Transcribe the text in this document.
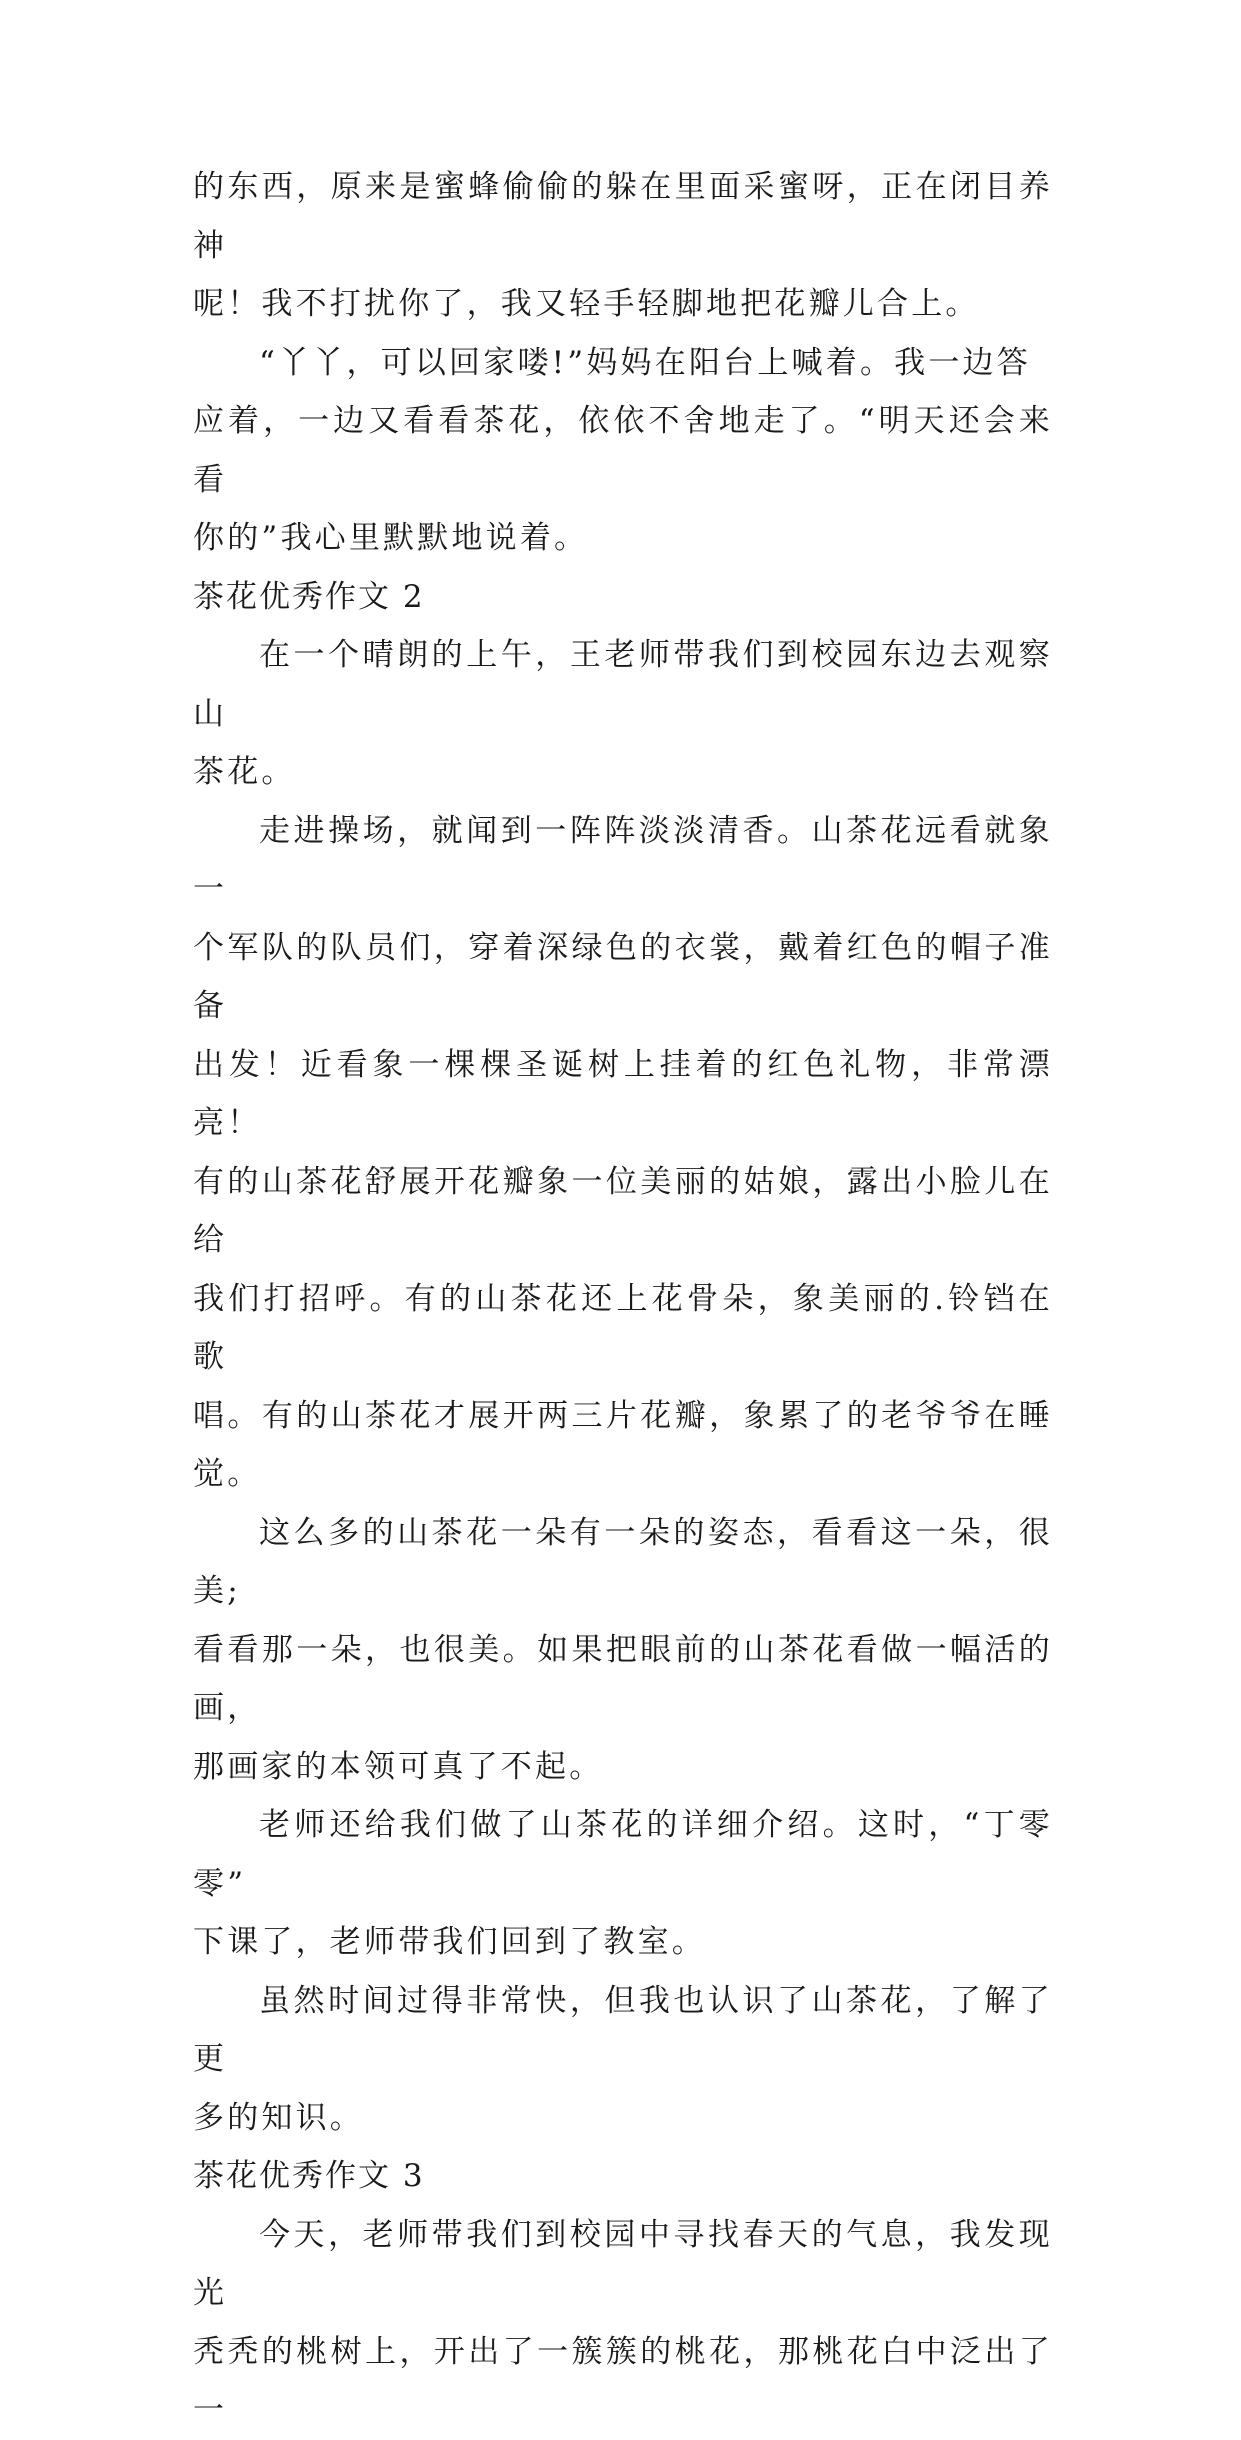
的东西，原来是蜜蜂偷偷的躲在里面采蜜呀，正在闭目养神
呢！我不打扰你了，我又轻手轻脚地把花瓣儿合上。

“丫丫，可以回家喽!”妈妈在阳台上喊着。我一边答
应着，一边又看看茶花，依依不舍地走了。“明天还会来看
你的”我心里默默地说着。

茶花优秀作文 2

在一个晴朗的上午，王老师带我们到校园东边去观察山
茶花。

走进操场，就闻到一阵阵淡淡清香。山茶花远看就象一
个军队的队员们，穿着深绿色的衣裳，戴着红色的帽子准备
出发！近看象一棵棵圣诞树上挂着的红色礼物，非常漂亮！
有的山茶花舒展开花瓣象一位美丽的姑娘，露出小脸儿在给
我们打招呼。有的山茶花还上花骨朵，象美丽的.铃铛在歌
唱。有的山茶花才展开两三片花瓣，象累了的老爷爷在睡觉。

这么多的山茶花一朵有一朵的姿态，看看这一朵，很美;
看看那一朵，也很美。如果把眼前的山茶花看做一幅活的画，
那画家的本领可真了不起。

老师还给我们做了山茶花的详细介绍。这时，“丁零零”
下课了，老师带我们回到了教室。

虽然时间过得非常快，但我也认识了山茶花，了解了更
多的知识。

茶花优秀作文 3

今天，老师带我们到校园中寻找春天的气息，我发现光
秃秃的桃树上，开出了一簇簇的桃花，那桃花白中泛出了一
